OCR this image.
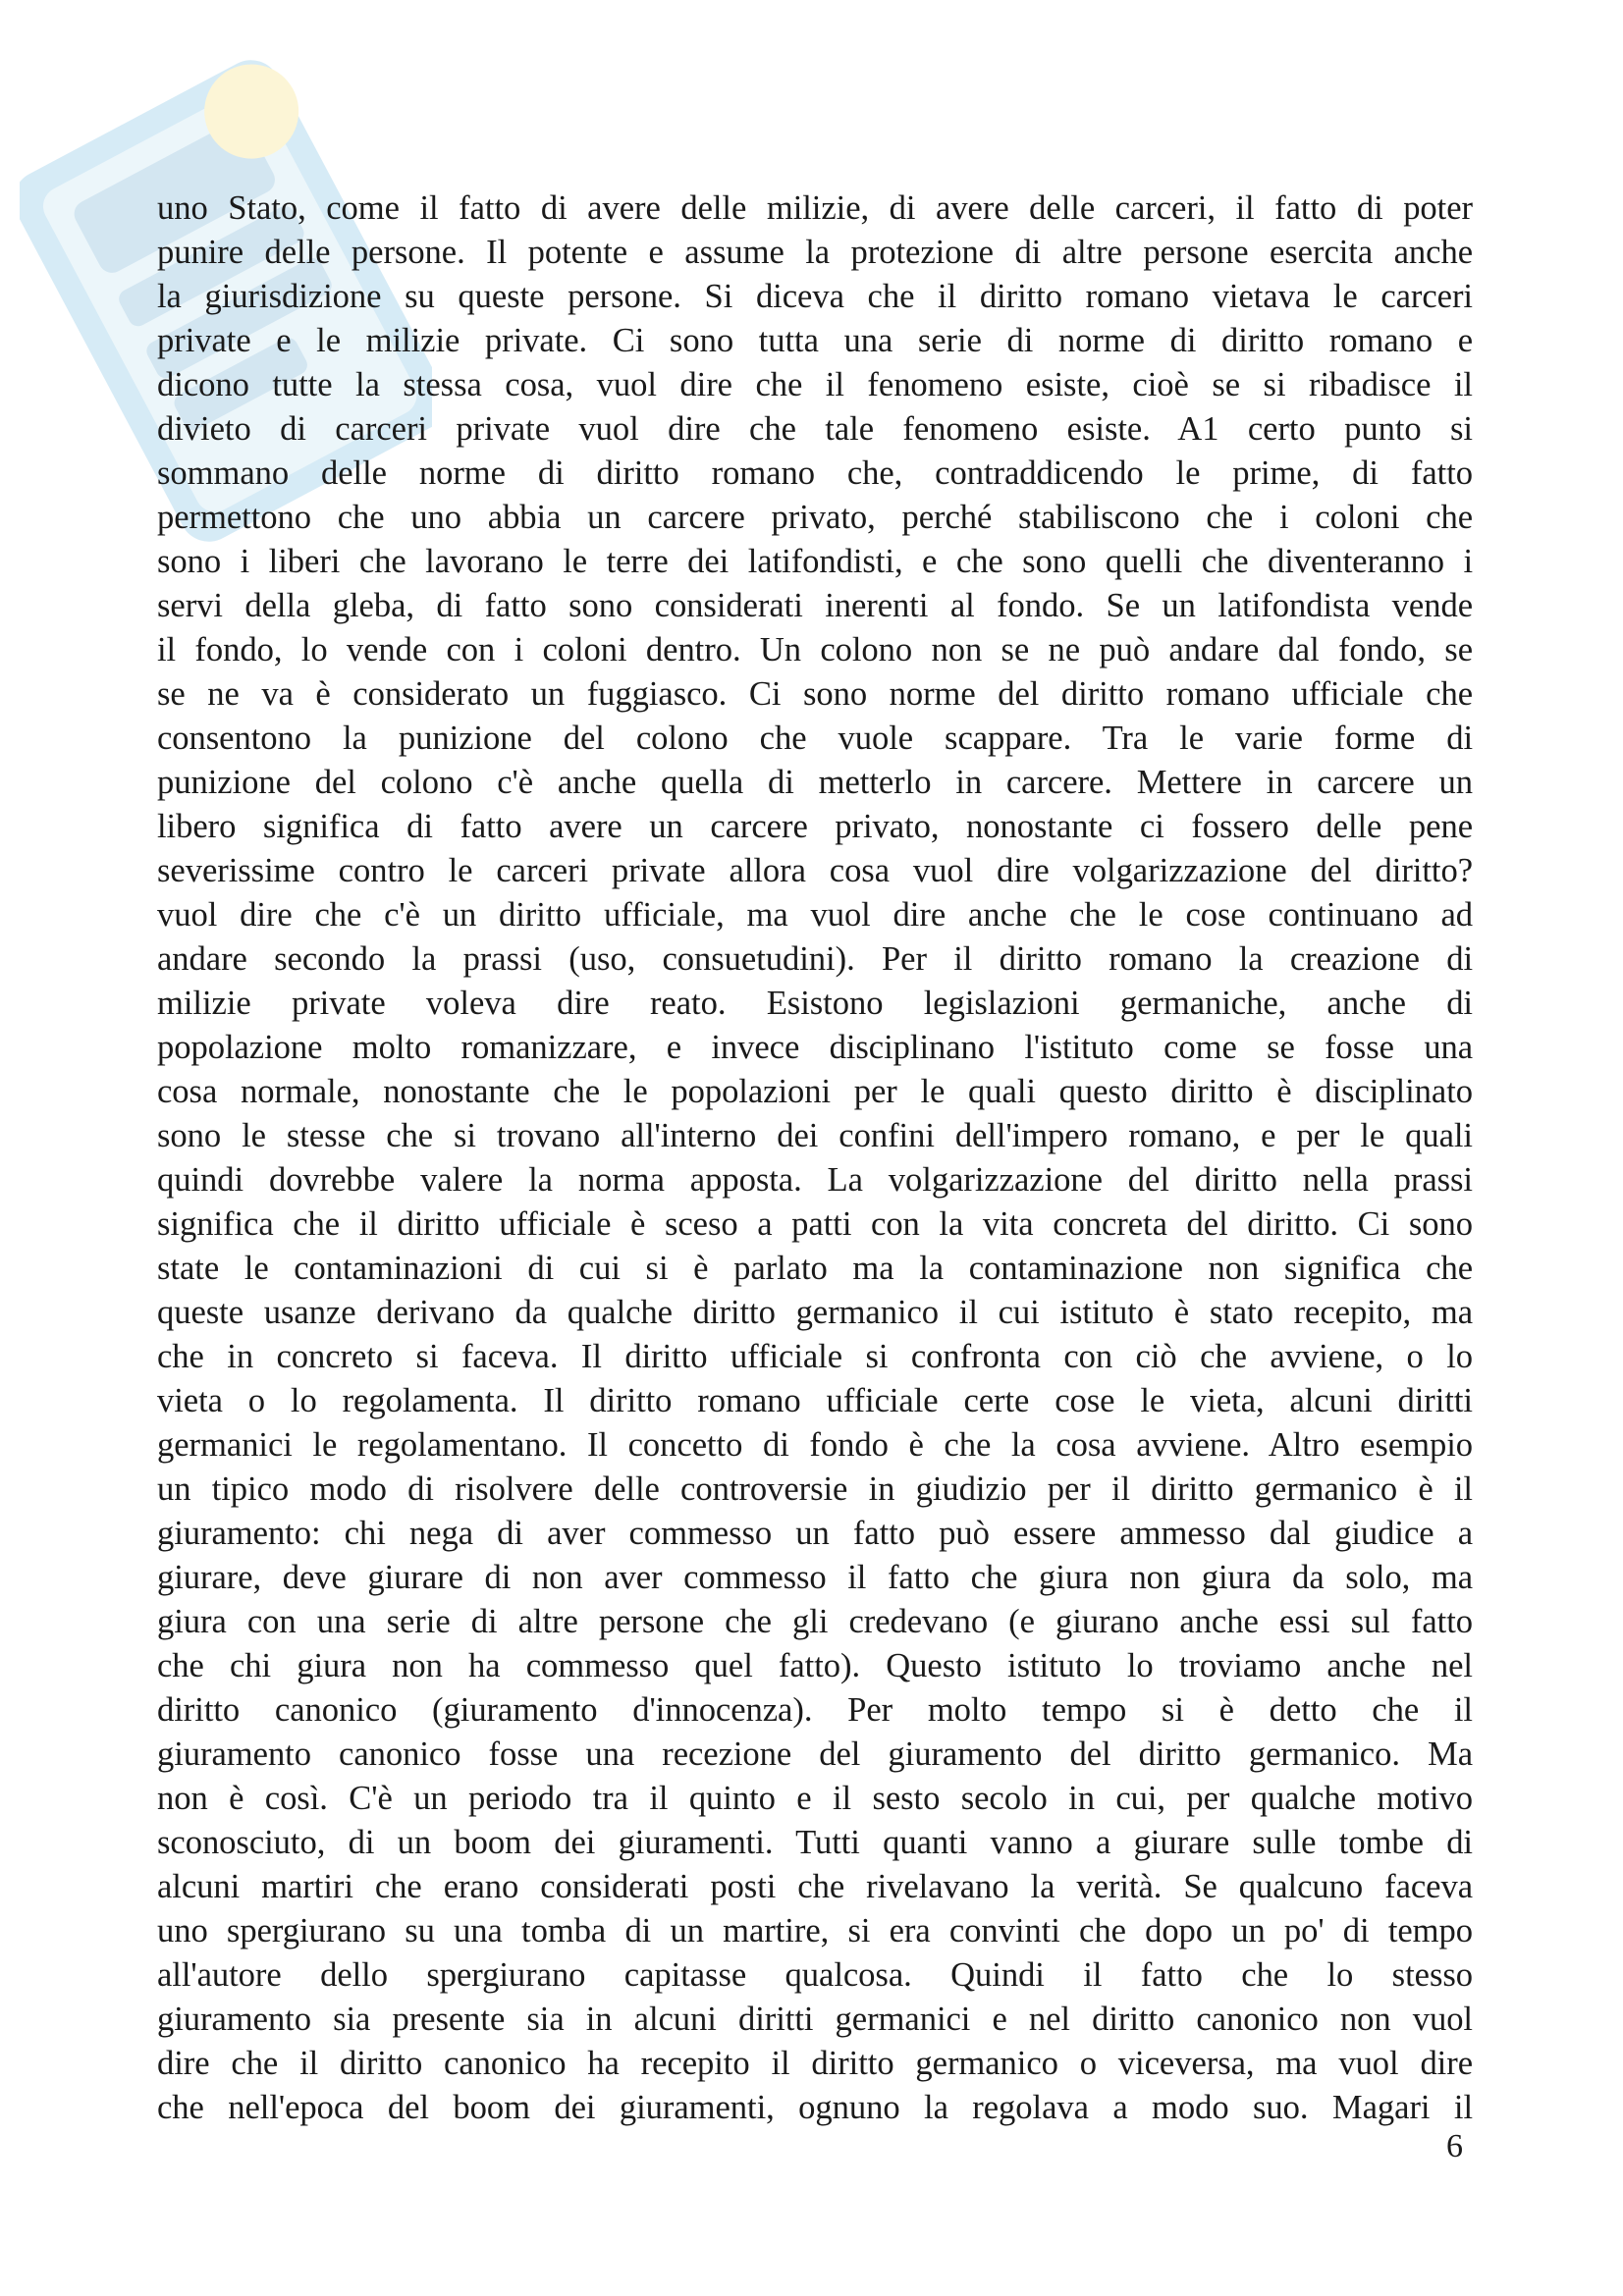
uno Stato, come il fatto di avere delle milizie, di avere delle carceri, il fatto di poter
punire delle persone. Il potente e assume la protezione di altre persone esercita anche
la giurisdizione su queste persone. Si diceva che il diritto romano vietava le carceri
private e le milizie private. Ci sono tutta una serie di norme di diritto romano e
dicono tutte la stessa cosa, vuol dire che il fenomeno esiste, cioè se si ribadisce il
divieto di carceri private vuol dire che tale fenomeno esiste. A1 certo punto si
sommano delle norme di diritto romano che, contraddicendo le prime, di fatto
permettono che uno abbia un carcere privato, perché stabiliscono che i coloni che
sono i liberi che lavorano le terre dei latifondisti, e che sono quelli che diventeranno i
servi della gleba, di fatto sono considerati inerenti al fondo. Se un latifondista vende
il fondo, lo vende con i coloni dentro. Un colono non se ne può andare dal fondo, se
se ne va è considerato un fuggiasco. Ci sono norme del diritto romano ufficiale che
consentono la punizione del colono che vuole scappare. Tra le varie forme di
punizione del colono c'è anche quella di metterlo in carcere. Mettere in carcere un
libero significa di fatto avere un carcere privato, nonostante ci fossero delle pene
severissime contro le carceri private allora cosa vuol dire volgarizzazione del diritto?
vuol dire che c'è un diritto ufficiale, ma vuol dire anche che le cose continuano ad
andare secondo la prassi (uso, consuetudini). Per il diritto romano la creazione di
milizie private voleva dire reato. Esistono legislazioni germaniche, anche di
popolazione molto romanizzare, e invece disciplinano l'istituto come se fosse una
cosa normale, nonostante che le popolazioni per le quali questo diritto è disciplinato
sono le stesse che si trovano all'interno dei confini dell'impero romano, e per le quali
quindi dovrebbe valere la norma apposta. La volgarizzazione del diritto nella prassi
significa che il diritto ufficiale è sceso a patti con la vita concreta del diritto. Ci sono
state le contaminazioni di cui si è parlato ma la contaminazione non significa che
queste usanze derivano da qualche diritto germanico il cui istituto è stato recepito, ma
che in concreto si faceva. Il diritto ufficiale si confronta con ciò che avviene, o lo
vieta o lo regolamenta. Il diritto romano ufficiale certe cose le vieta, alcuni diritti
germanici le regolamentano. Il concetto di fondo è che la cosa avviene. Altro esempio
un tipico modo di risolvere delle controversie in giudizio per il diritto germanico è il
giuramento: chi nega di aver commesso un fatto può essere ammesso dal giudice a
giurare, deve giurare di non aver commesso il fatto che giura non giura da solo, ma
giura con una serie di altre persone che gli credevano (e giurano anche essi sul fatto
che chi giura non ha commesso quel fatto). Questo istituto lo troviamo anche nel
diritto canonico (giuramento d'innocenza). Per molto tempo si è detto che il
giuramento canonico fosse una recezione del giuramento del diritto germanico. Ma
non è così. C'è un periodo tra il quinto e il sesto secolo in cui, per qualche motivo
sconosciuto, di un boom dei giuramenti. Tutti quanti vanno a giurare sulle tombe di
alcuni martiri che erano considerati posti che rivelavano la verità. Se qualcuno faceva
uno spergiurano su una tomba di un martire, si era convinti che dopo un po' di tempo
all'autore dello spergiurano capitasse qualcosa. Quindi il fatto che lo stesso
giuramento sia presente sia in alcuni diritti germanici e nel diritto canonico non vuol
dire che il diritto canonico ha recepito il diritto germanico o viceversa, ma vuol dire
che nell'epoca del boom dei giuramenti, ognuno la regolava a modo suo. Magari il
6
